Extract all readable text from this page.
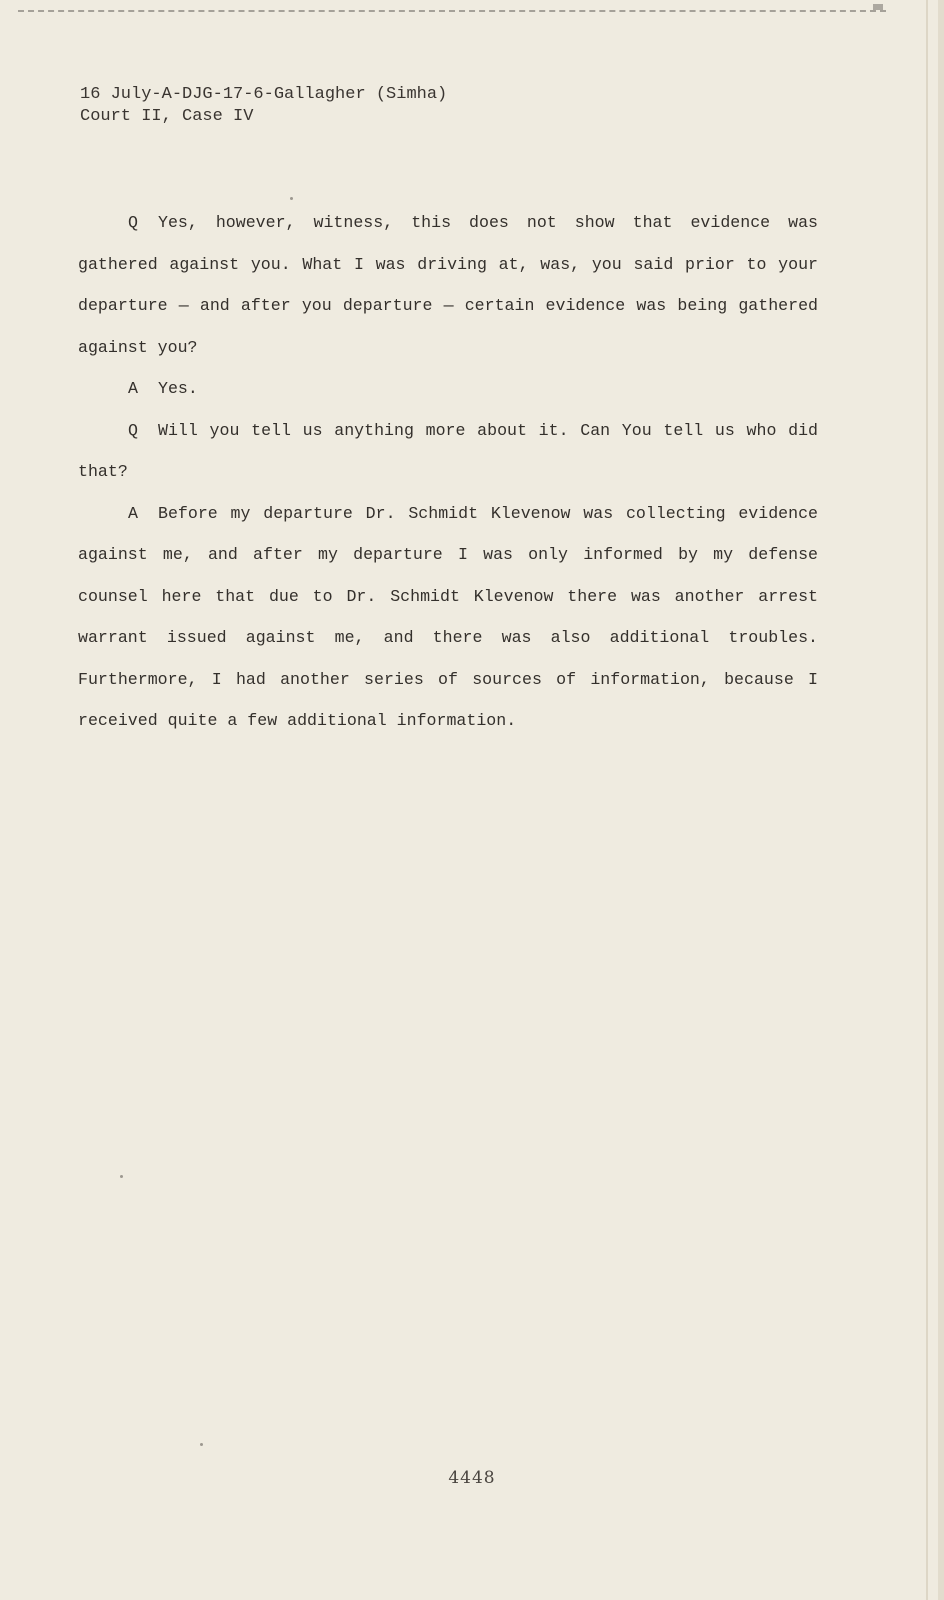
16 July-A-DJG-17-6-Gallagher (Simha)
Court II, Case IV

Q Yes, however, witness, this does not show that evidence was gathered against you. What I was driving at, was, you said prior to your departure — and after you departure — certain evidence was being gathered against you?

A Yes.

Q Will you tell us anything more about it. Can You tell us who did that?

A Before my departure Dr. Schmidt Klevenow was collecting evidence against me, and after my departure I was only informed by my defense counsel here that due to Dr. Schmidt Klevenow there was another arrest warrant issued against me, and there was also additional troubles. Furthermore, I had another series of sources of information, because I received quite a few additional information.

4448
